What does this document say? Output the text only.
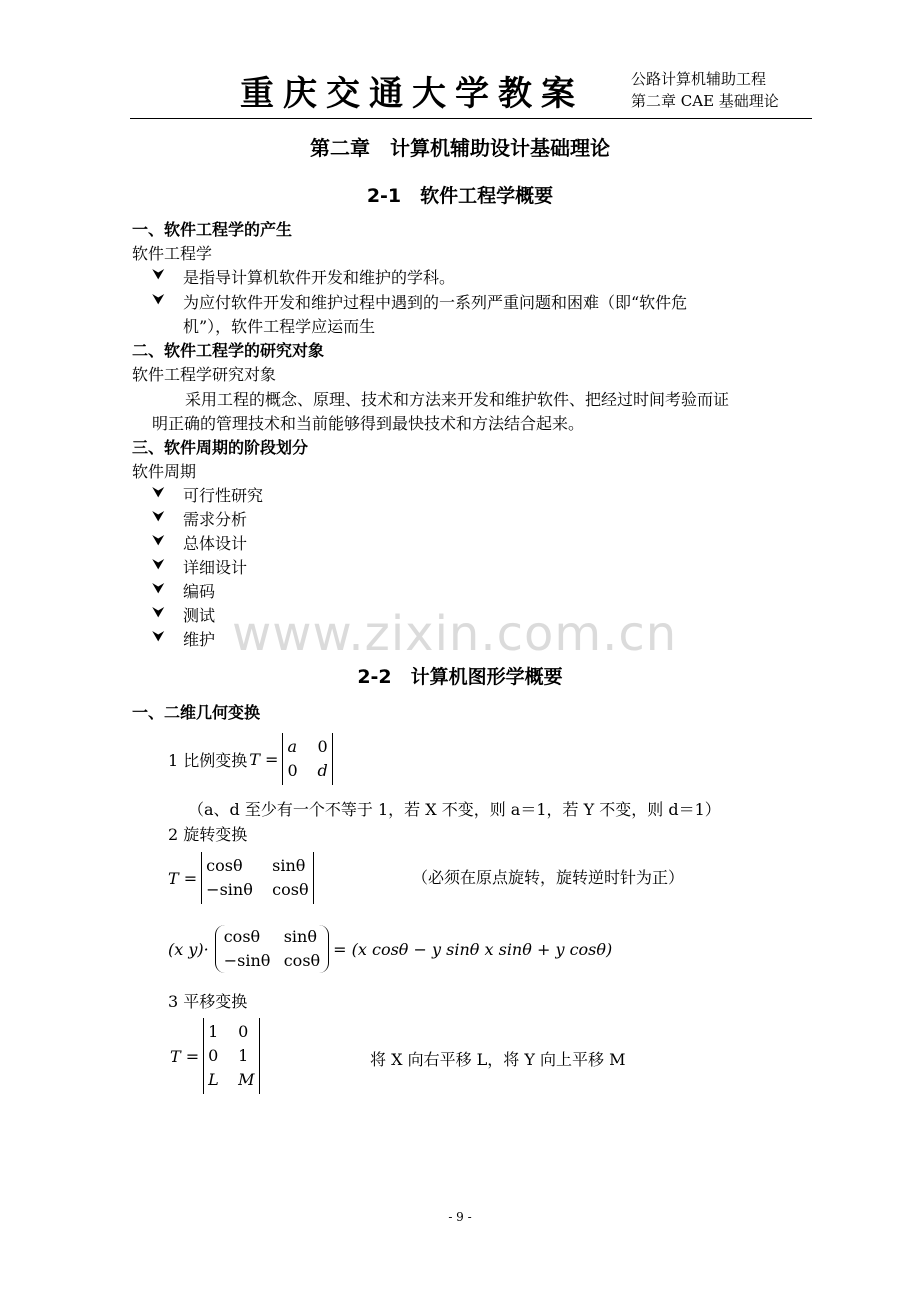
重庆交通大学教案	公路计算机辅助工程
第二章 CAE 基础理论
第二章　计算机辅助设计基础理论
2-1　软件工程学概要
一、软件工程学的产生
软件工程学
⮟ 是指导计算机软件开发和维护的学科。
⮟ 为应付软件开发和维护过程中遇到的一系列严重问题和困难（即“软件危
机”），软件工程学应运而生
二、软件工程学的研究对象
软件工程学研究对象
采用工程的概念、原理、技术和方法来开发和维护软件、把经过时间考验而证
明正确的管理技术和当前能够得到最快技术和方法结合起来。
三、软件周期的阶段划分
软件周期
⮟ 可行性研究
⮟ 需求分析
⮟ 总体设计
⮟ 详细设计
⮟ 编码
⮟ 测试
⮟ 维护 www.zixin.com.cn
2-2　计算机图形学概要
一、二维几何变换
1 比例变换 T =
a	0
0	d
（a、d 至少有一个不等于 1，若 X 不变，则 a＝1，若 Y 不变，则 d＝1）
2 旋转变换
T =
cosθ	sinθ
−sinθ	cosθ
（必须在原点旋转，旋转逆时针为正）
(x y)·
cosθ	sinθ
−sinθ cosθ
= (x cosθ − y sinθ x sinθ + y cosθ)
3 平移变换
T =
1	0
0	1
L	M
将 X 向右平移 L，将 Y 向上平移 M
- 9 -
